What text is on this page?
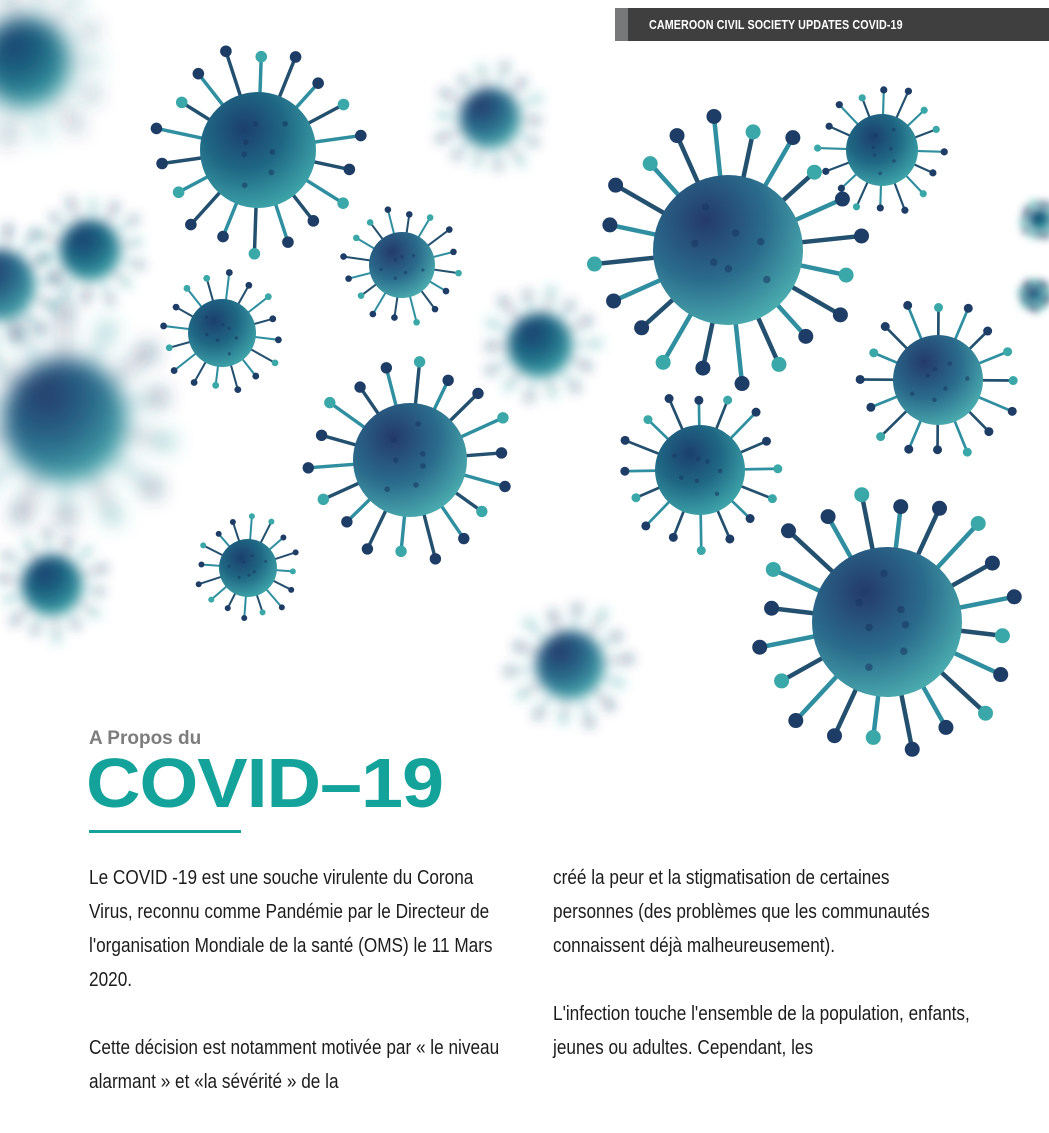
CAMEROON CIVIL SOCIETY UPDATES COVID-19
A Propos du
COVID–19

Le COVID -19 est une souche virulente du Corona Virus, reconnu comme Pandémie par le Directeur de l'organisation Mondiale de la santé (OMS) le 11 Mars 2020.

Cette décision est notamment motivée par « le niveau alarmant » et «la sévérité » de la

créé la peur et la stigmatisation de certaines personnes (des problèmes que les communautés connaissent déjà malheureusement).

L'infection touche l'ensemble de la population, enfants, jeunes ou adultes. Cependant, les
